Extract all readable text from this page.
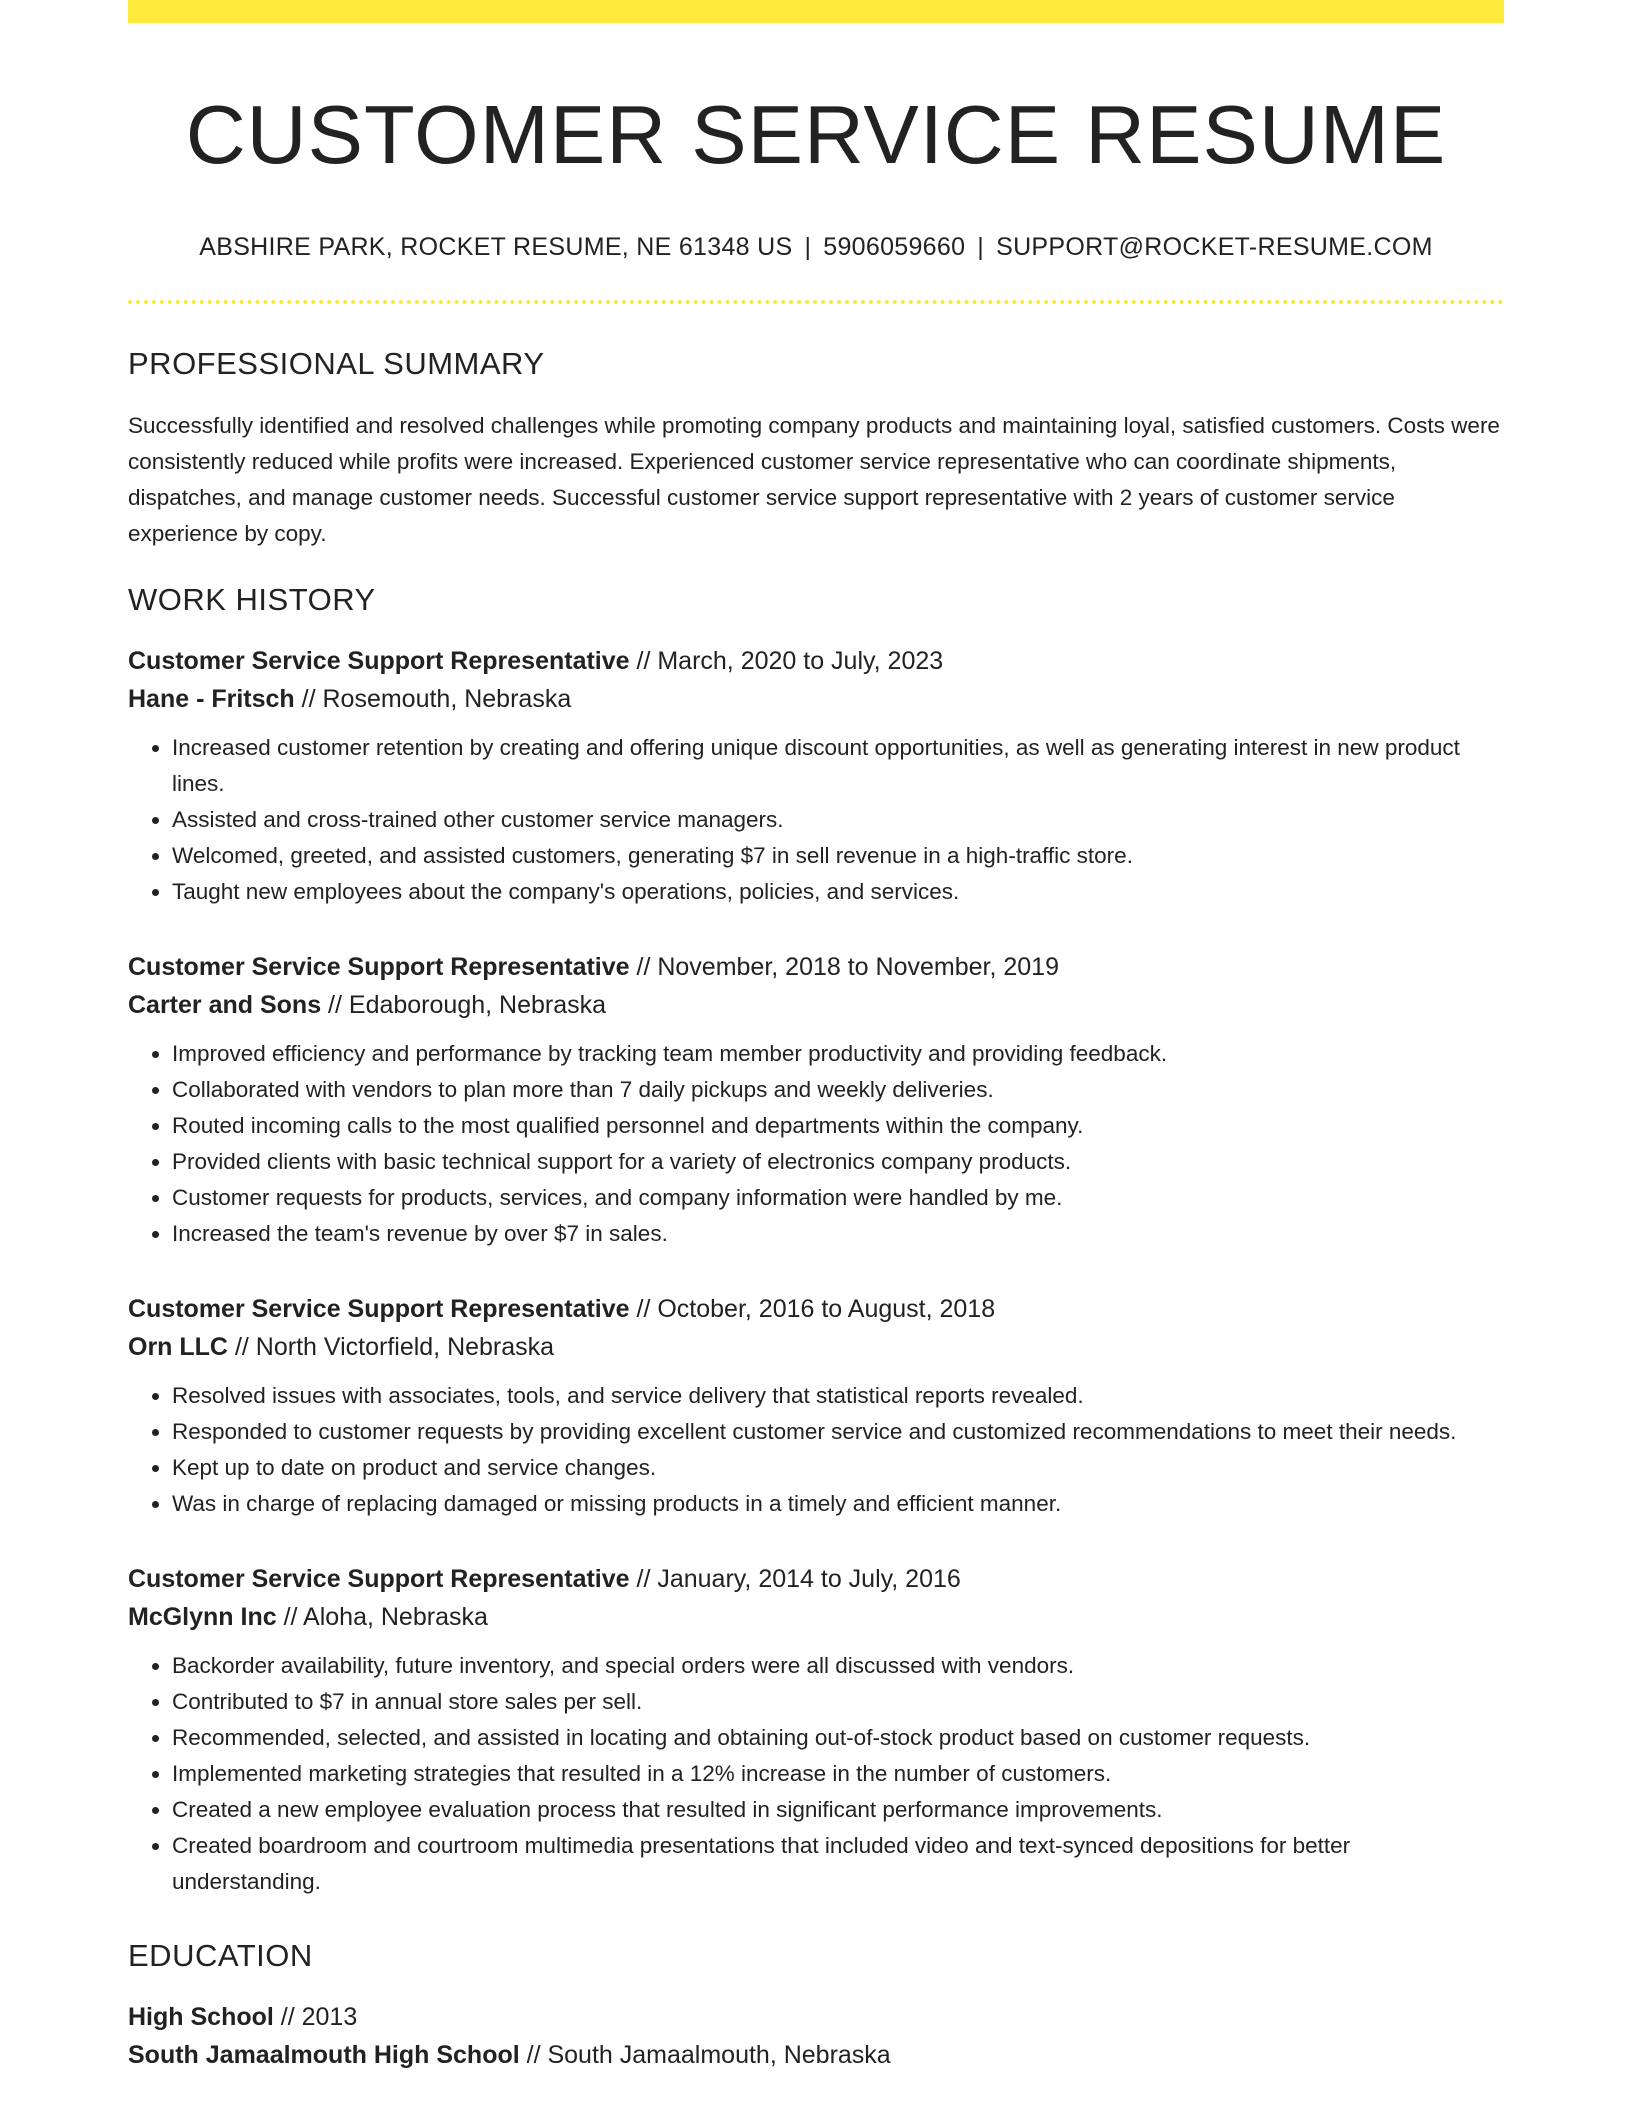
CUSTOMER SERVICE RESUME
ABSHIRE PARK, ROCKET RESUME, NE 61348 US | 5906059660 | SUPPORT@ROCKET-RESUME.COM
PROFESSIONAL SUMMARY

Successfully identified and resolved challenges while promoting company products and maintaining loyal, satisfied customers. Costs were consistently reduced while profits were increased. Experienced customer service representative who can coordinate shipments, dispatches, and manage customer needs. Successful customer service support representative with 2 years of customer service experience by copy.

WORK HISTORY
Customer Service Support Representative // March, 2020 to July, 2023
Hane - Fritsch // Rosemouth, Nebraska
• Increased customer retention by creating and offering unique discount opportunities, as well as generating interest in new product lines.
• Assisted and cross-trained other customer service managers.
• Welcomed, greeted, and assisted customers, generating $7 in sell revenue in a high-traffic store.
• Taught new employees about the company's operations, policies, and services.
Customer Service Support Representative // November, 2018 to November, 2019
Carter and Sons // Edaborough, Nebraska
• Improved efficiency and performance by tracking team member productivity and providing feedback.
• Collaborated with vendors to plan more than 7 daily pickups and weekly deliveries.
• Routed incoming calls to the most qualified personnel and departments within the company.
• Provided clients with basic technical support for a variety of electronics company products.
• Customer requests for products, services, and company information were handled by me.
• Increased the team's revenue by over $7 in sales.
Customer Service Support Representative // October, 2016 to August, 2018
Orn LLC // North Victorfield, Nebraska
• Resolved issues with associates, tools, and service delivery that statistical reports revealed.
• Responded to customer requests by providing excellent customer service and customized recommendations to meet their needs.
• Kept up to date on product and service changes.
• Was in charge of replacing damaged or missing products in a timely and efficient manner.
Customer Service Support Representative // January, 2014 to July, 2016
McGlynn Inc // Aloha, Nebraska
• Backorder availability, future inventory, and special orders were all discussed with vendors.
• Contributed to $7 in annual store sales per sell.
• Recommended, selected, and assisted in locating and obtaining out-of-stock product based on customer requests.
• Implemented marketing strategies that resulted in a 12% increase in the number of customers.
• Created a new employee evaluation process that resulted in significant performance improvements.
• Created boardroom and courtroom multimedia presentations that included video and text-synced depositions for better understanding.
EDUCATION
High School // 2013
South Jamaalmouth High School // South Jamaalmouth, Nebraska
